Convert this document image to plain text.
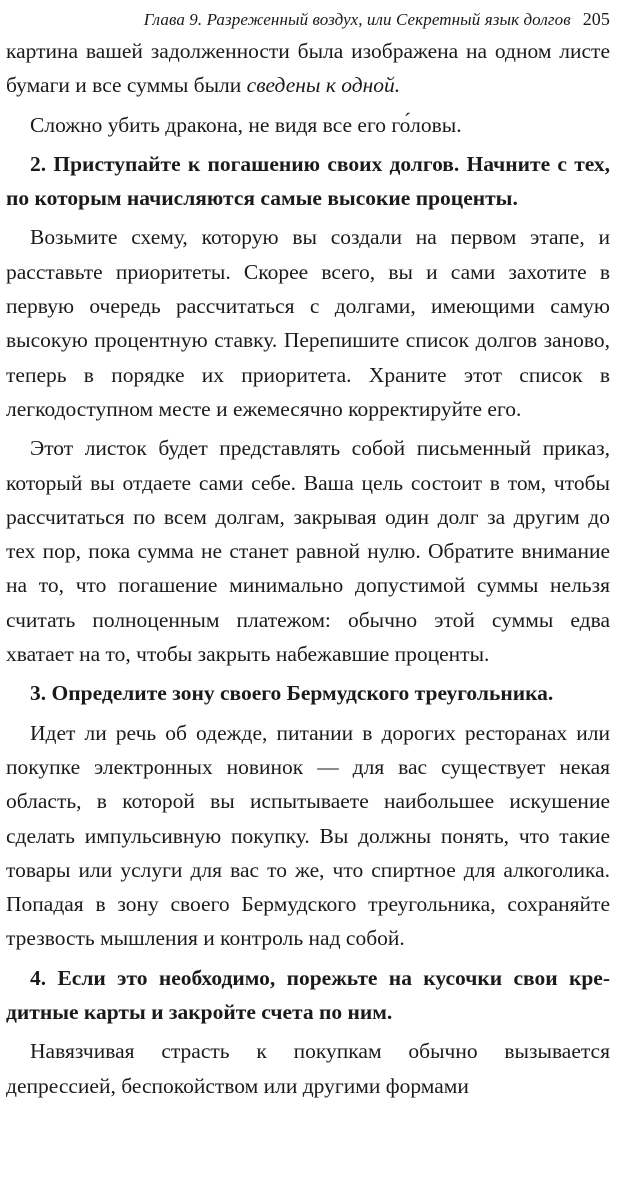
Глава 9. Разреженный воздух, или Секретный язык долгов 205

картина вашей задолженности была изображена на одном листе бумаги и все суммы были сведены к одной.

Сложно убить дракона, не видя все его го́ловы.

2. Приступайте к погашению своих долгов. Начните с тех, по которым начисляются самые высокие проценты.

Возьмите схему, которую вы создали на первом этапе, и расставьте приоритеты. Скорее всего, вы и сами захотите в первую очередь рассчитаться с долгами, имеющими самую высокую процентную ставку. Перепишите список долгов заново, теперь в порядке их приоритета. Храните этот список в легкодоступном месте и ежемесячно корректируйте его.

Этот листок будет представлять собой письменный приказ, который вы отдаете сами себе. Ваша цель состоит в том, чтобы рассчитаться по всем долгам, закрывая один долг за другим до тех пор, пока сумма не станет равной нулю. Обратите внимание на то, что погашение минимально допустимой суммы нельзя считать полноценным платежом: обычно этой суммы едва хватает на то, чтобы закрыть набежавшие проценты.

3. Определите зону своего Бермудского треугольника.

Идет ли речь об одежде, питании в дорогих ресторанах или покупке электронных новинок — для вас существует некая область, в которой вы испытываете наибольшее искушение сделать импульсивную покупку. Вы должны понять, что такие товары или услуги для вас то же, что спиртное для алкоголика. Попадая в зону своего Бермудского треугольника, сохраняйте трезвость мышления и контроль над собой.

4. Если это необходимо, порежьте на кусочки свои кредитные карты и закройте счета по ним.

Навязчивая страсть к покупкам обычно вызывается депрессией, беспокойством или другими формами
